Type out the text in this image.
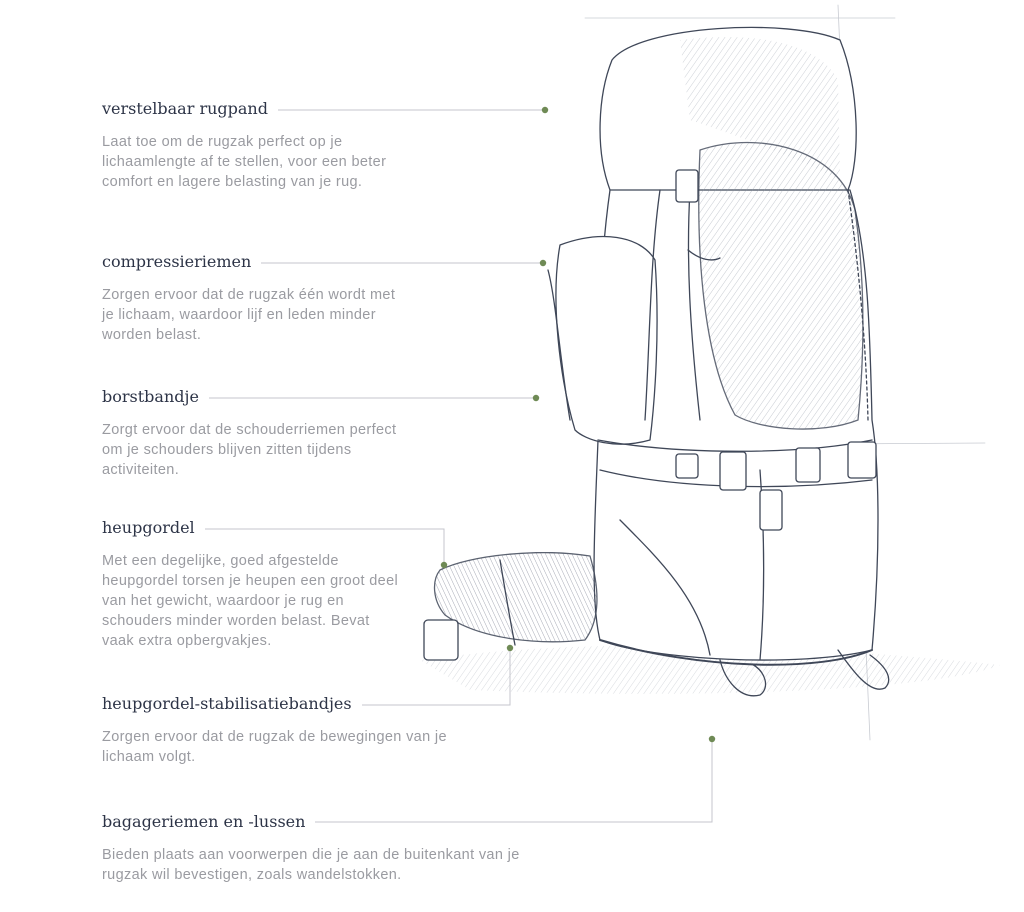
verstelbaar rugpand

Laat toe om de rugzak perfect op je lichaamlengte af te stellen, voor een beter comfort en lagere belasting van je rug.

compressieriemen

Zorgen ervoor dat de rugzak één wordt met je lichaam, waardoor lijf en leden minder worden belast.

borstbandje

Zorgt ervoor dat de schouderriemen perfect om je schouders blijven zitten tijdens activiteiten.

heupgordel

Met een degelijke, goed afgestelde heupgordel torsen je heupen een groot deel van het gewicht, waardoor je rug en schouders minder worden belast. Bevat vaak extra opbergvakjes.

heupgordel-stabilisatiebandjes

Zorgen ervoor dat de rugzak de bewegingen van je lichaam volgt.

bagageriemen en -lussen

Bieden plaats aan voorwerpen die je aan de buitenkant van je rugzak wil bevestigen, zoals wandelstokken.
